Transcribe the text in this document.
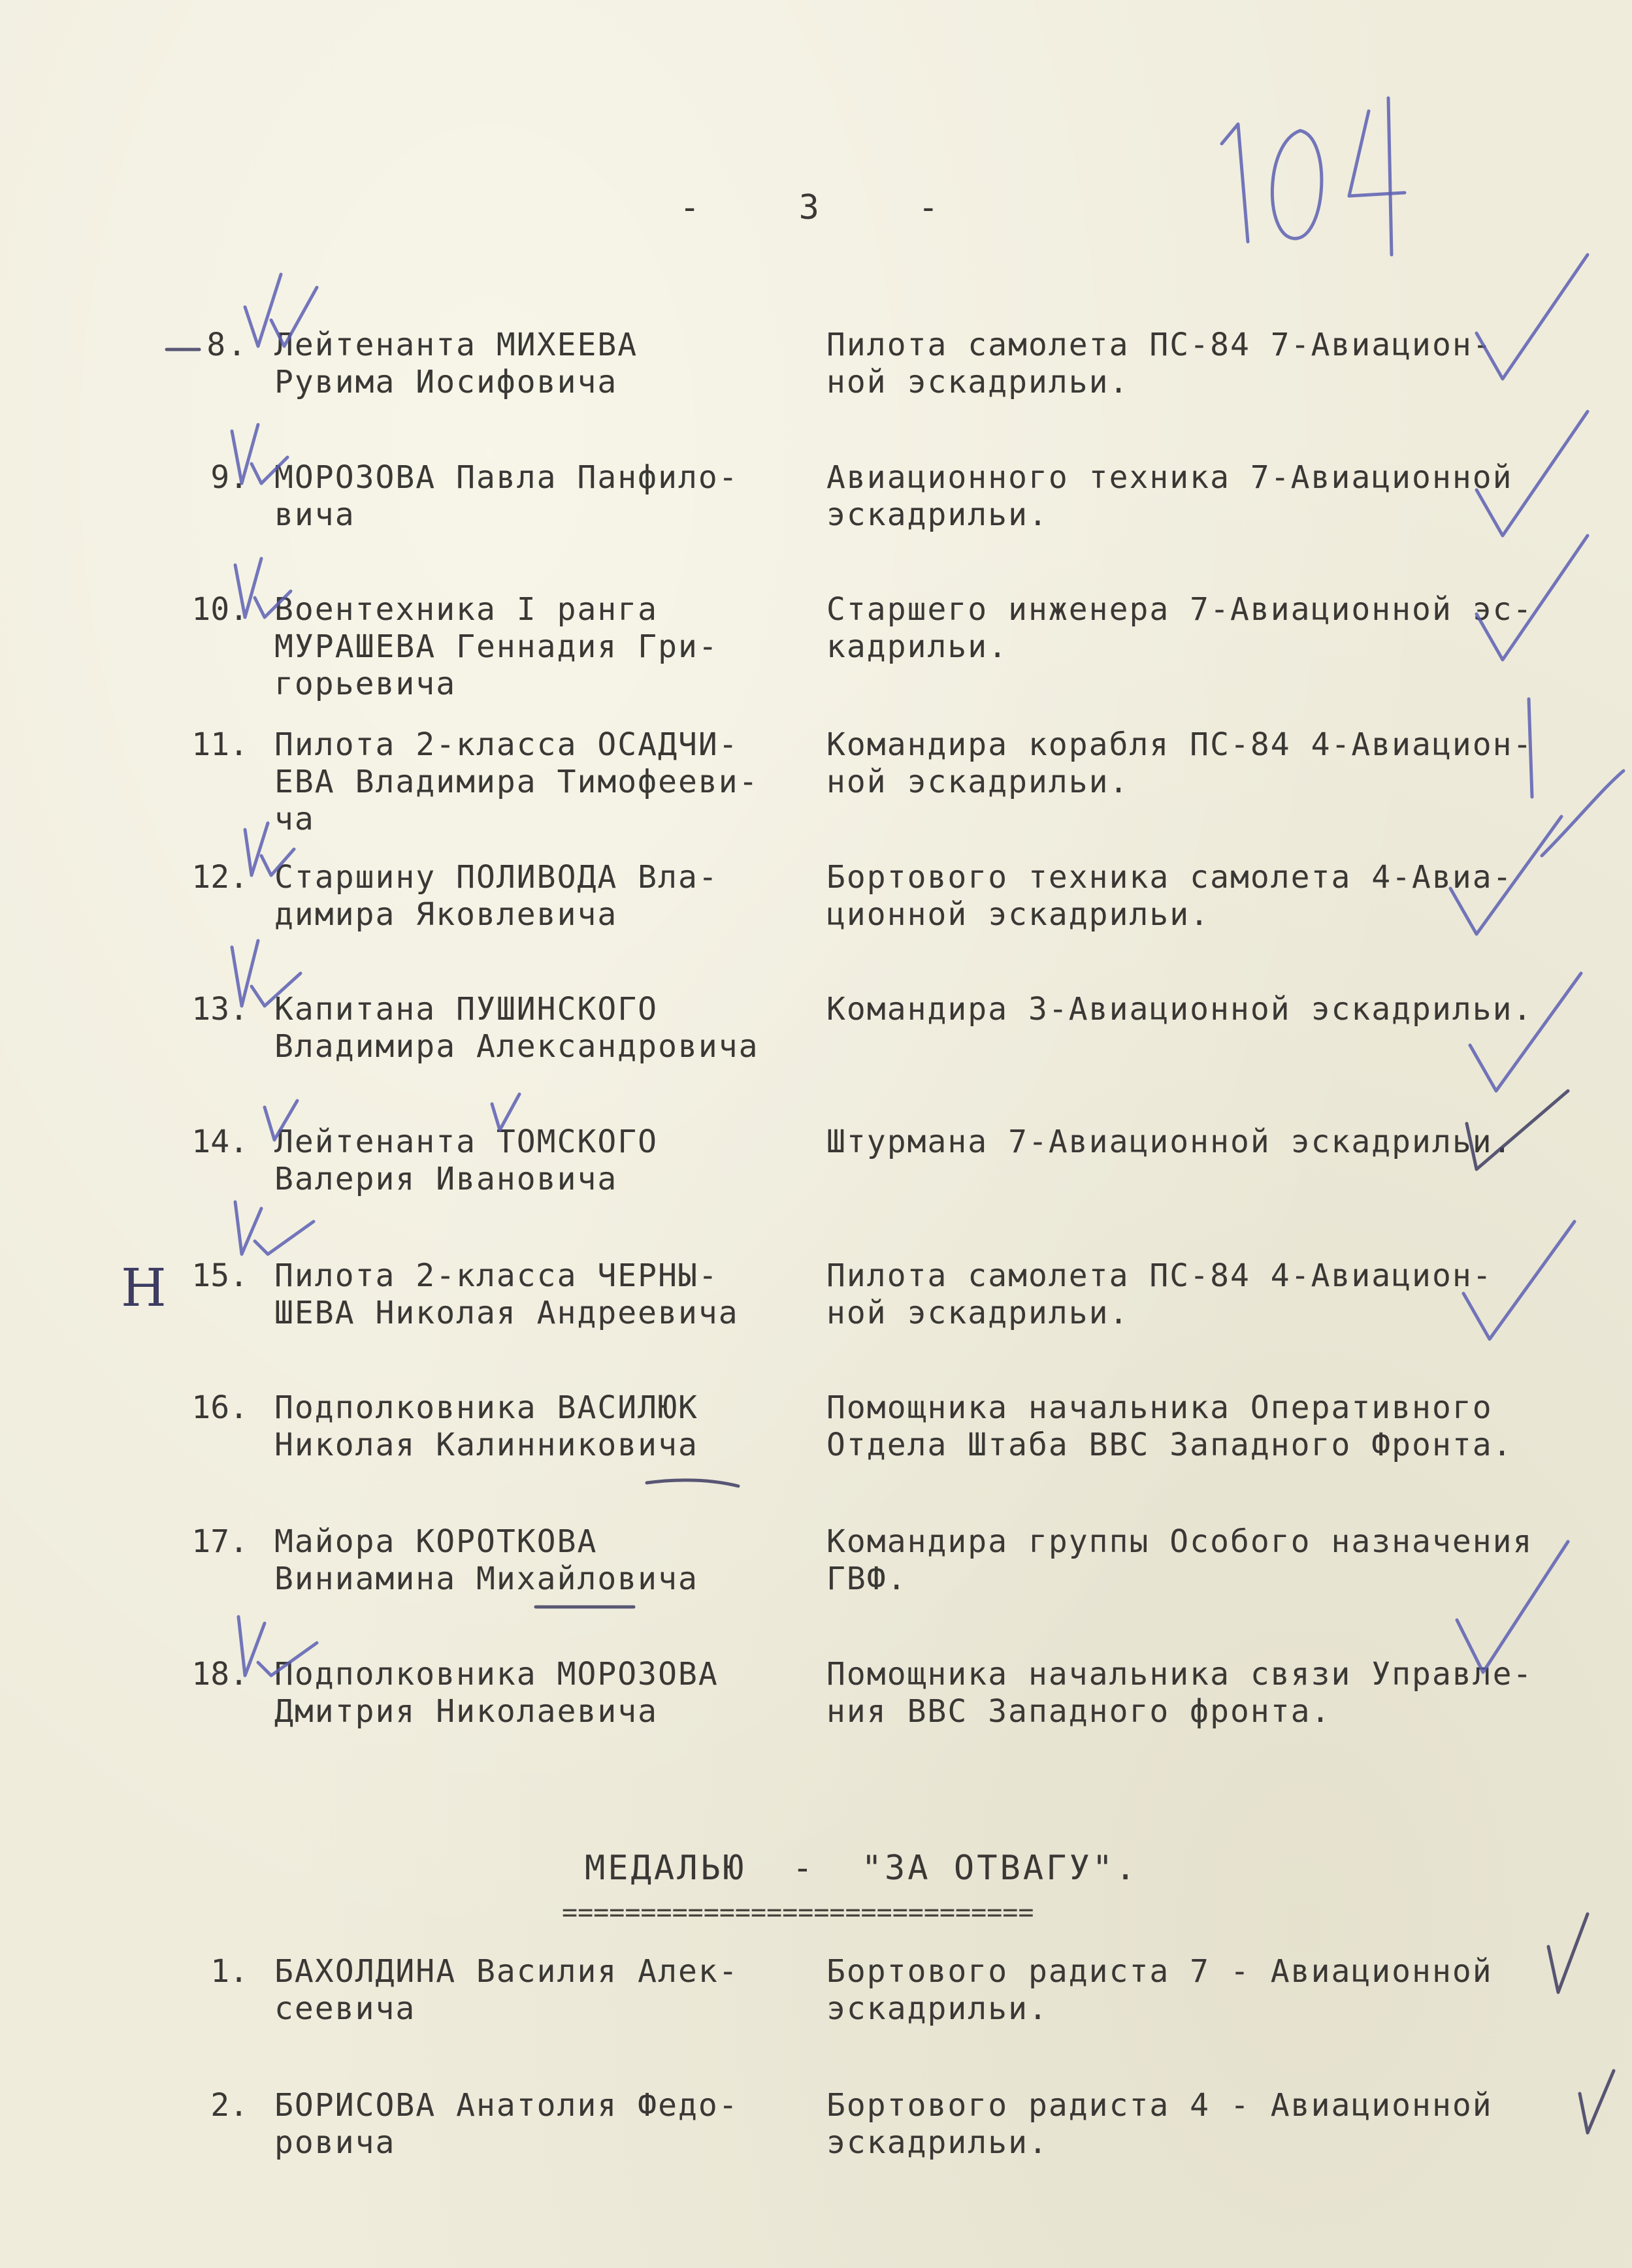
- 3 -
8. Лейтенанта МИХЕЕВА
Рувима Иосифовича
Пилота самолета ПС-84 7-Авиацион-
ной эскадрильи.
9. МОРОЗОВА Павла Панфило-
вича
Авиационного техника 7-Авиационной
эскадрильи.
10. Воентехника I ранга
МУРАШЕВА Геннадия Гри-
горьевича
Старшего инженера 7-Авиационной эс-
кадрильи.
11. Пилота 2-класса ОСАДЧИ-
ЕВА Владимира Тимофееви-
ча
Командира корабля ПС-84 4-Авиацион-
ной эскадрильи.
12. Старшину ПОЛИВОДА Вла-
димира Яковлевича
Бортового техника самолета 4-Авиа-
ционной эскадрильи.
13. Капитана ПУШИНСКОГО
Владимира Александровича
Командира 3-Авиационной эскадрильи.
14. Лейтенанта ТОМСКОГО
Валерия Ивановича
Штурмана 7-Авиационной эскадрильи.
15. Пилота 2-класса ЧЕРНЫ-
ШЕВА Николая Андреевича
Пилота самолета ПС-84 4-Авиацион-
ной эскадрильи.
16. Подполковника ВАСИЛЮК
Николая Калинниковича
Помощника начальника Оперативного
Отдела Штаба ВВС Западного Фронта.
17. Майора КОРОТКОВА
Виниамина Михайловича
Командира группы Особого назначения
ГВФ.
18. Подполковника МОРОЗОВА
Дмитрия Николаевича
Помощника начальника связи Управле-
ния ВВС Западного фронта.
МЕДАЛЬЮ  -  "ЗА ОТВАГУ".
==============================
1. БАХОЛДИНА Василия Алек-
сеевича
Бортового радиста 7 - Авиационной
эскадрильи.
2. БОРИСОВА Анатолия Федо-
ровича
Бортового радиста 4 - Авиационной
эскадрильи.
Н
